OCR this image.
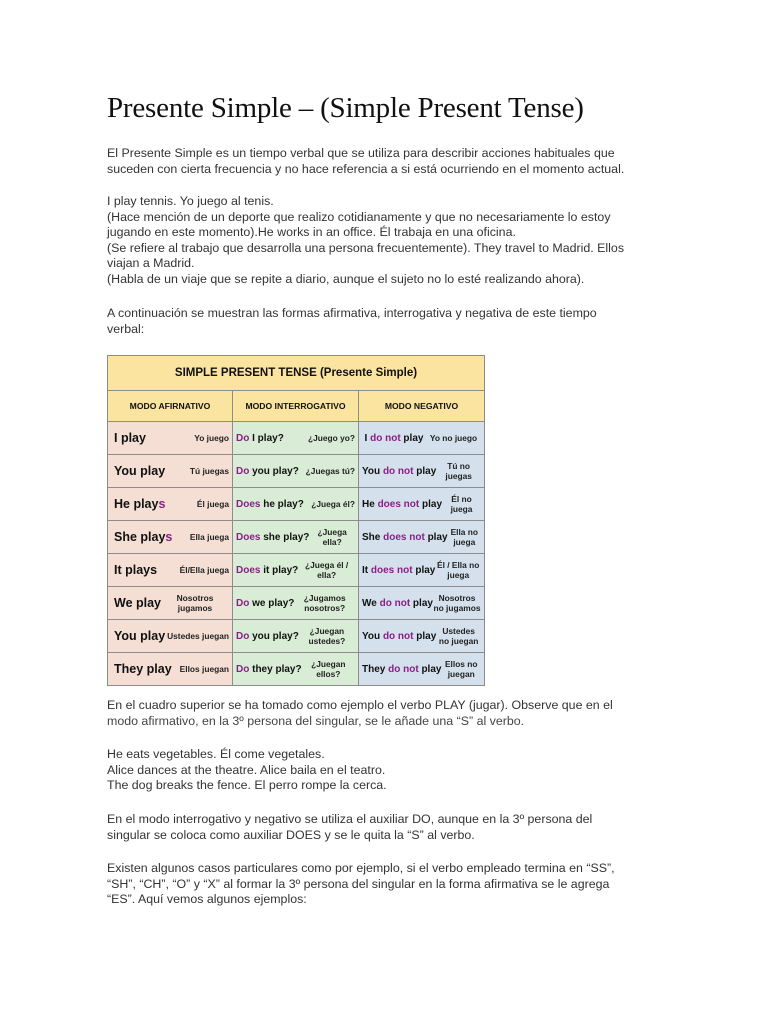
Presente Simple – (Simple Present Tense)
El Presente Simple es un tiempo verbal que se utiliza para describir acciones habituales que
suceden con cierta frecuencia y no hace referencia a si está ocurriendo en el momento actual.
I play tennis. Yo juego al tenis.
(Hace mención de un deporte que realizo cotidianamente y que no necesariamente lo estoy
jugando en este momento).He works in an office. Él trabaja en una oficina.
(Se refiere al trabajo que desarrolla una persona frecuentemente). They travel to Madrid. Ellos
viajan a Madrid.
(Habla de un viaje que se repite a diario, aunque el sujeto no lo esté realizando ahora).
A continuación se muestran las formas afirmativa, interrogativa y negativa de este tiempo
verbal:
SIMPLE PRESENT TENSE (Presente Simple)		
MODO AFIRNATIVO	MODO INTERROGATIVO	MODO NEGATIVO

I play Yo juego	Do I play? ¿Juego yo?	I do not play Yo no juego

You play Tú juegas	Do you play? ¿Juegas tú?	You do not play Tú no juegas

He plays Él juega	Does he play? ¿Juega él?	He does not play Él no juega

She plays Ella juega	Does she play? ¿Juega ella?	She does not play Ella no juega

It plays Él/Ella juega	Does it play? ¿Juega él / ella?	It does not play Él / Ella no juega

We play Nosotros jugamos	Do we play? ¿Jugamos nosotros?	We do not play Nosotros no jugamos

You play Ustedes juegan	Do you play? ¿Juegan ustedes?	You do not play Ustedes no juegan

They play Ellos juegan	Do they play? ¿Juegan ellos?	They do not play Ellos no juegan
En el cuadro superior se ha tomado como ejemplo el verbo PLAY (jugar). Observe que en el
modo afirmativo, en la 3º persona del singular, se le añade una “S” al verbo.
He eats vegetables. Él come vegetales.
Alice dances at the theatre. Alice baila en el teatro.
The dog breaks the fence. El perro rompe la cerca.
En el modo interrogativo y negativo se utiliza el auxiliar DO, aunque en la 3º persona del
singular se coloca como auxiliar DOES y se le quita la “S” al verbo.
Existen algunos casos particulares como por ejemplo, si el verbo empleado termina en “SS”,
“SH”, “CH”, “O” y “X” al formar la 3º persona del singular en la forma afirmativa se le agrega
“ES”. Aquí vemos algunos ejemplos:
